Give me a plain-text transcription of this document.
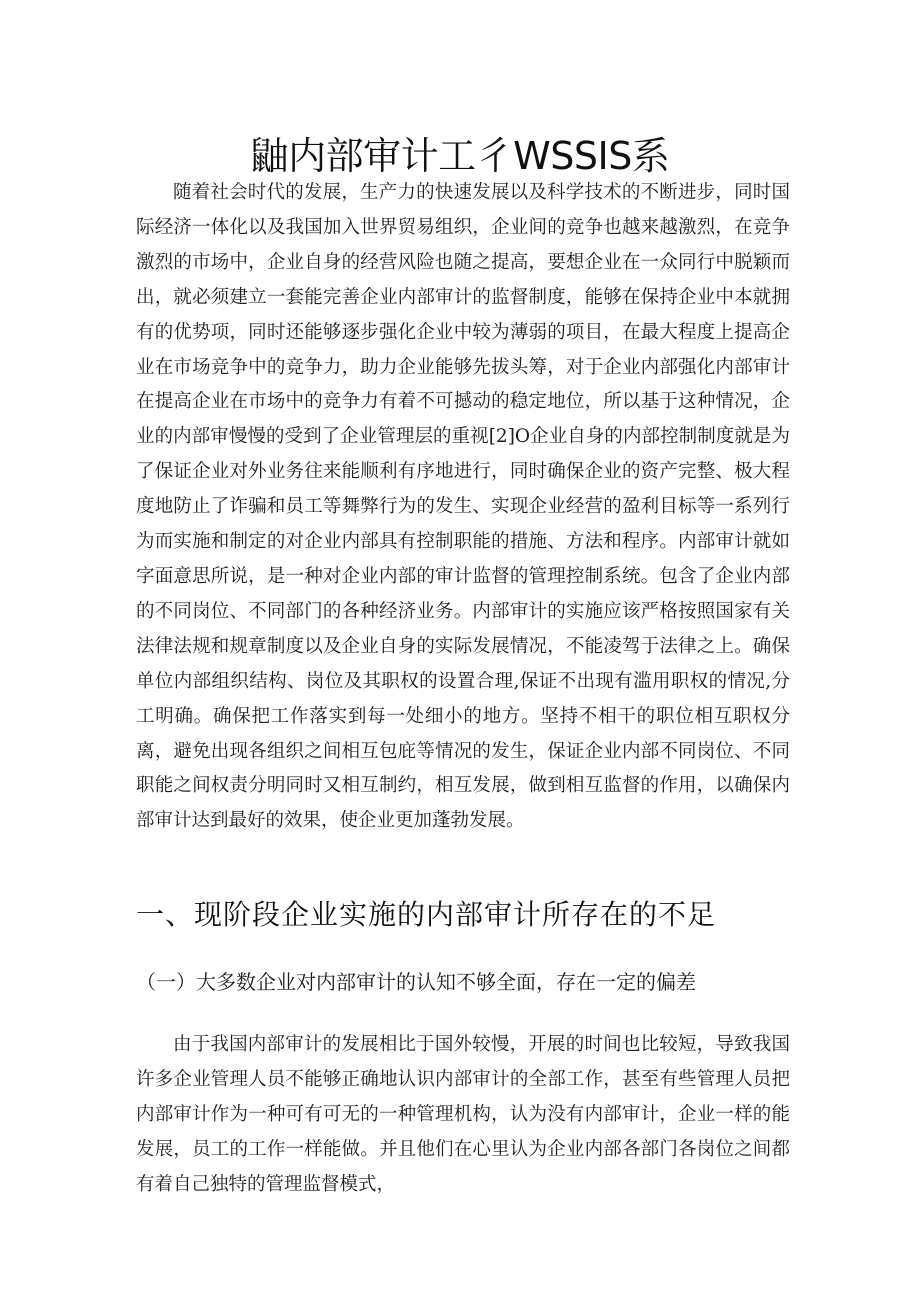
鼬内部审计工彳WSSIS系

随着社会时代的发展，生产力的快速发展以及科学技术的不断进步，同时国际经济一体化以及我国加入世界贸易组织，企业间的竞争也越来越激烈，在竞争激烈的市场中，企业自身的经营风险也随之提高，要想企业在一众同行中脱颖而出，就必须建立一套能完善企业内部审计的监督制度，能够在保持企业中本就拥有的优势项，同时还能够逐步强化企业中较为薄弱的项目，在最大程度上提高企业在市场竞争中的竞争力，助力企业能够先拔头筹，对于企业内部强化内部审计在提高企业在市场中的竞争力有着不可撼动的稳定地位，所以基于这种情况，企业的内部审慢慢的受到了企业管理层的重视[2]O企业自身的内部控制制度就是为了保证企业对外业务往来能顺利有序地进行，同时确保企业的资产完整、极大程度地防止了诈骗和员工等舞弊行为的发生、实现企业经营的盈利目标等一系列行为而实施和制定的对企业内部具有控制职能的措施、方法和程序。内部审计就如字面意思所说，是一种对企业内部的审计监督的管理控制系统。包含了企业内部的不同岗位、不同部门的各种经济业务。内部审计的实施应该严格按照国家有关法律法规和规章制度以及企业自身的实际发展情况，不能凌驾于法律之上。确保单位内部组织结构、岗位及其职权的设置合理,保证不出现有滥用职权的情况,分工明确。确保把工作落实到每一处细小的地方。坚持不相干的职位相互职权分离，避免出现各组织之间相互包庇等情况的发生，保证企业内部不同岗位、不同职能之间权责分明同时又相互制约，相互发展，做到相互监督的作用，以确保内部审计达到最好的效果，使企业更加蓬勃发展。

一、现阶段企业实施的内部审计所存在的不足
（一）大多数企业对内部审计的认知不够全面，存在一定的偏差

由于我国内部审计的发展相比于国外较慢，开展的时间也比较短，导致我国许多企业管理人员不能够正确地认识内部审计的全部工作，甚至有些管理人员把内部审计作为一种可有可无的一种管理机构，认为没有内部审计，企业一样的能发展，员工的工作一样能做。并且他们在心里认为企业内部各部门各岗位之间都有着自己独特的管理监督模式，
